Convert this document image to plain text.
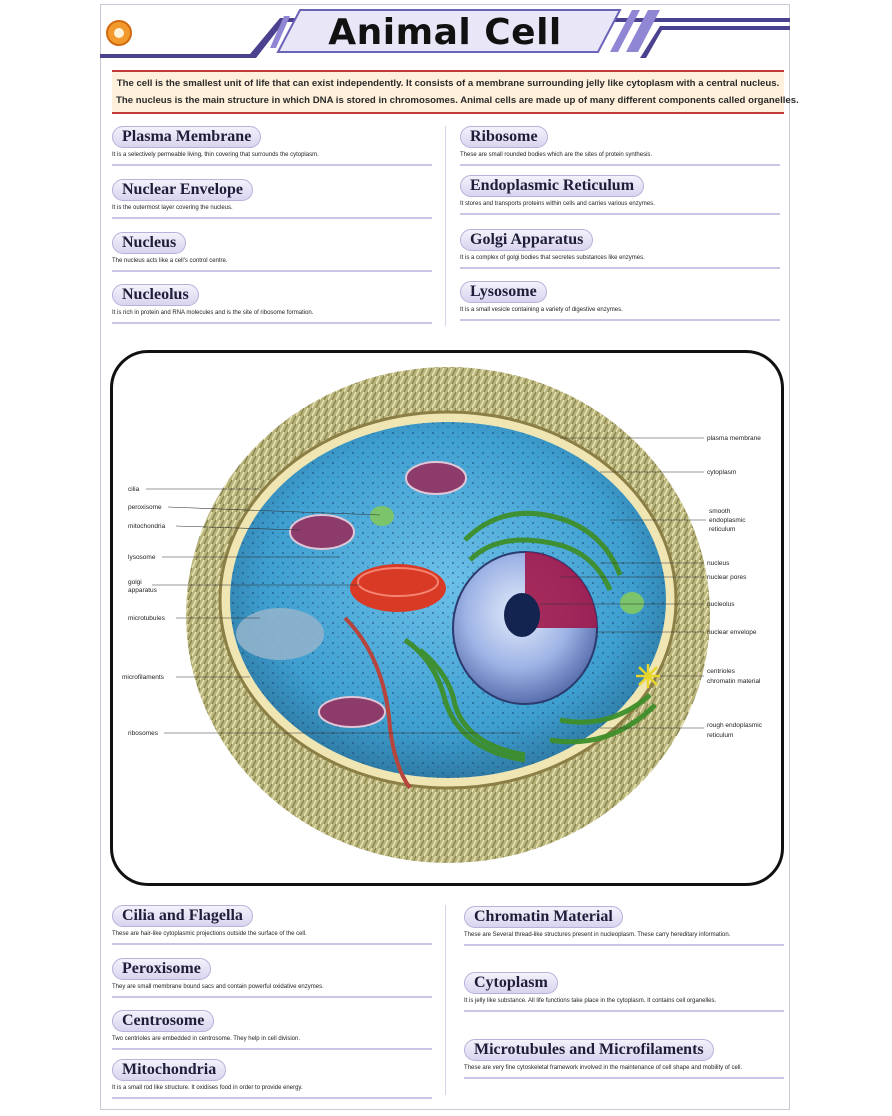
Animal Cell

The cell is the smallest unit of life that can exist independently. It consists of a membrane surrounding jelly like cytoplasm with a central nucleus.

The nucleus is the main structure in which DNA is stored in chromosomes. Animal cells are made up of many different components called organelles.

Plasma Membrane
It is a selectively permeable living, thin covering that surrounds the cytoplasm.
Nuclear Envelope
It is the outermost layer covering the nucleus.
Nucleus
The nucleus acts like a cell's control centre.
Nucleolus
It is rich in protein and RNA molecules and is the site of ribosome formation.
Ribosome
These are small rounded bodies which are the sites of protein synthesis.
Endoplasmic Reticulum
It stores and transports proteins within cells and carries various enzymes.
Golgi Apparatus
It is a complex of golgi bodies that secretes substances like enzymes.
Lysosome
It is a small vesicle containing a variety of digestive enzymes.
cilia
peroxisome
mitochondria
lysosome
golgi
apparatus
microtubules
microfilaments
ribosomes
plasma membrane
cytoplasm
smooth
endoplasmic
reticulum
nucleus
nuclear pores
nucleolus
nuclear envelope
centrioles
chromatin material
rough endoplasmic
reticulum
Cilia and Flagella
These are hair-like cytoplasmic projections outside the surface of the cell.
Peroxisome
They are small membrane bound sacs and contain powerful oxidative enzymes.
Centrosome
Two centrioles are embedded in centrosome. They help in cell division.
Mitochondria
It is a small rod like structure. It oxidises food in order to provide energy.
Chromatin Material
These are Several thread-like structures present in nucleoplasm. These carry hereditary information.
Cytoplasm
It is jelly like substance. All life functions take place in the cytoplasm. It contains cell organelles.
Microtubules and Microfilaments
These are very fine cytoskeletal framework involved in the maintenance of cell shape and mobility of cell.
